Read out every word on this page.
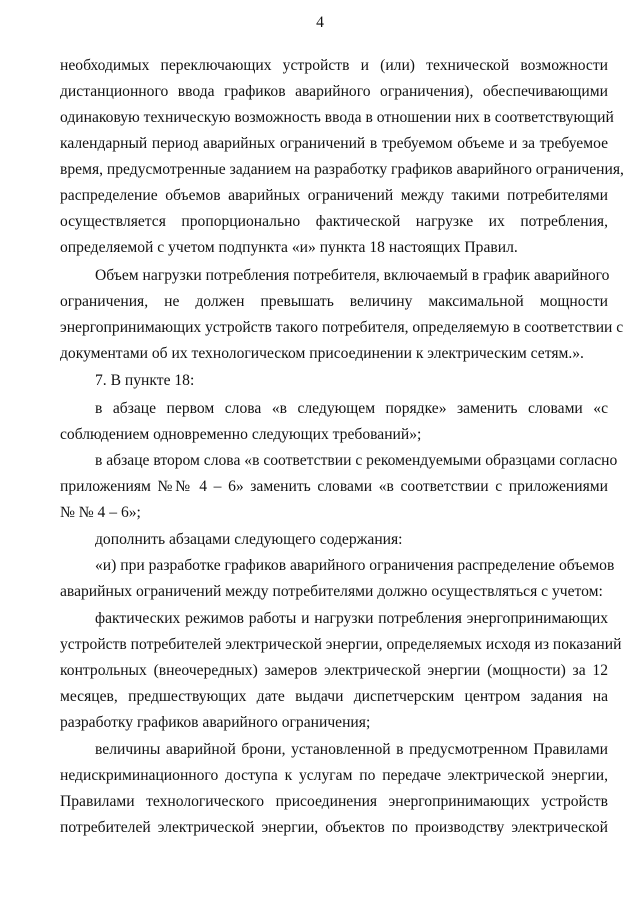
4
необходимых переключающих устройств и (или) технической возможности
дистанционного ввода графиков аварийного ограничения), обеспечивающими
одинаковую техническую возможность ввода в отношении них в соответствующий
календарный период аварийных ограничений в требуемом объеме и за требуемое
время, предусмотренные заданием на разработку графиков аварийного ограничения,
распределение объемов аварийных ограничений между такими потребителями
осуществляется пропорционально фактической нагрузке их потребления,
определяемой с учетом подпункта «и» пункта 18 настоящих Правил.
Объем нагрузки потребления потребителя, включаемый в график аварийного
ограничения, не должен превышать величину максимальной мощности
энергопринимающих устройств такого потребителя, определяемую в соответствии с
документами об их технологическом присоединении к электрическим сетям.».
7. В пункте 18:
в абзаце первом слова «в следующем порядке» заменить словами «с
соблюдением одновременно следующих требований»;
в абзаце втором слова «в соответствии с рекомендуемыми образцами согласно
приложениям №№ 4 – 6» заменить словами «в соответствии с приложениями
№ № 4 – 6»;
дополнить абзацами следующего содержания:
«и) при разработке графиков аварийного ограничения распределение объемов
аварийных ограничений между потребителями должно осуществляться с учетом:
фактических режимов работы и нагрузки потребления энергопринимающих
устройств потребителей электрической энергии, определяемых исходя из показаний
контрольных (внеочередных) замеров электрической энергии (мощности) за 12
месяцев, предшествующих дате выдачи диспетчерским центром задания на
разработку графиков аварийного ограничения;
величины аварийной брони, установленной в предусмотренном Правилами
недискриминационного доступа к услугам по передаче электрической энергии,
Правилами технологического присоединения энергопринимающих устройств
потребителей электрической энергии, объектов по производству электрической
